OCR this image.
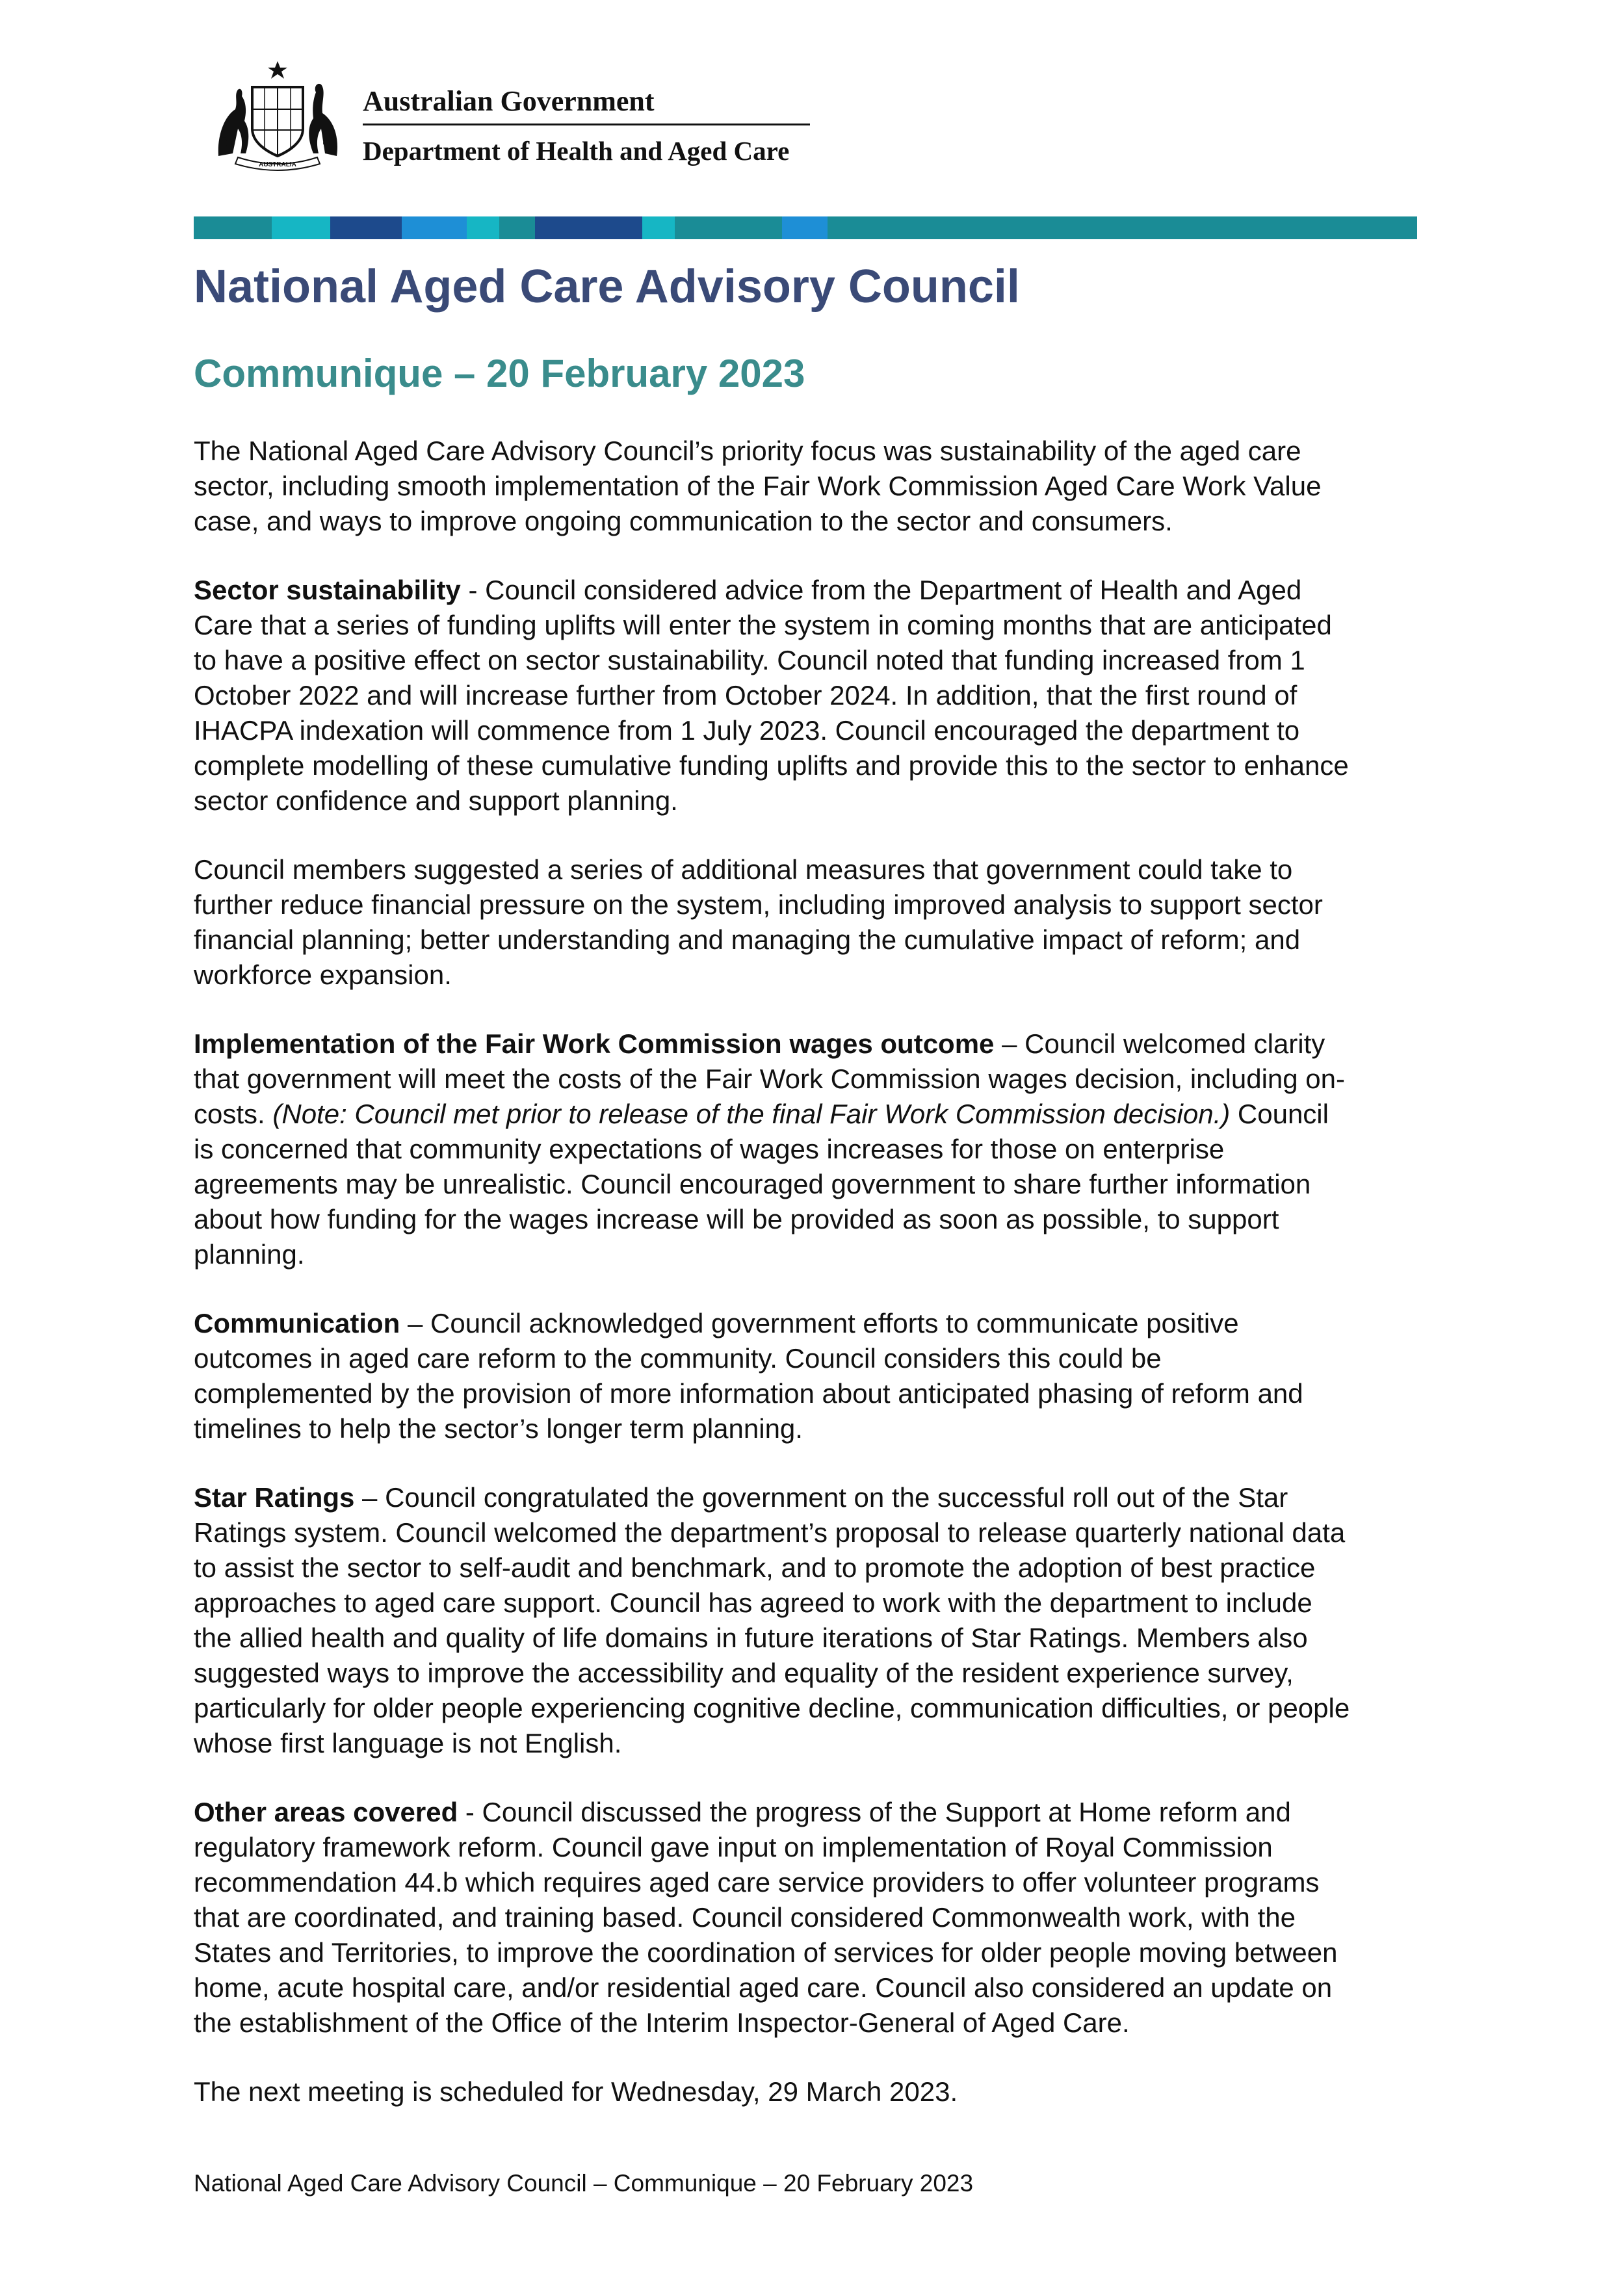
AUSTRALIA
Australian Government
Department of Health and Aged Care
National Aged Care Advisory Council
Communique – 20 February 2023

The National Aged Care Advisory Council’s priority focus was sustainability of the aged care
sector, including smooth implementation of the Fair Work Commission Aged Care Work Value
case, and ways to improve ongoing communication to the sector and consumers.

Sector sustainability - Council considered advice from the Department of Health and Aged
Care that a series of funding uplifts will enter the system in coming months that are anticipated
to have a positive effect on sector sustainability. Council noted that funding increased from 1
October 2022 and will increase further from October 2024. In addition, that the first round of
IHACPA indexation will commence from 1 July 2023. Council encouraged the department to
complete modelling of these cumulative funding uplifts and provide this to the sector to enhance
sector confidence and support planning.

Council members suggested a series of additional measures that government could take to
further reduce financial pressure on the system, including improved analysis to support sector
financial planning; better understanding and managing the cumulative impact of reform; and
workforce expansion.

Implementation of the Fair Work Commission wages outcome – Council welcomed clarity
that government will meet the costs of the Fair Work Commission wages decision, including on-
costs. (Note: Council met prior to release of the final Fair Work Commission decision.) Council
is concerned that community expectations of wages increases for those on enterprise
agreements may be unrealistic. Council encouraged government to share further information
about how funding for the wages increase will be provided as soon as possible, to support
planning.

Communication – Council acknowledged government efforts to communicate positive
outcomes in aged care reform to the community. Council considers this could be
complemented by the provision of more information about anticipated phasing of reform and
timelines to help the sector’s longer term planning.

Star Ratings – Council congratulated the government on the successful roll out of the Star
Ratings system. Council welcomed the department’s proposal to release quarterly national data
to assist the sector to self-audit and benchmark, and to promote the adoption of best practice
approaches to aged care support. Council has agreed to work with the department to include
the allied health and quality of life domains in future iterations of Star Ratings. Members also
suggested ways to improve the accessibility and equality of the resident experience survey,
particularly for older people experiencing cognitive decline, communication difficulties, or people
whose first language is not English.

Other areas covered - Council discussed the progress of the Support at Home reform and
regulatory framework reform. Council gave input on implementation of Royal Commission
recommendation 44.b which requires aged care service providers to offer volunteer programs
that are coordinated, and training based. Council considered Commonwealth work, with the
States and Territories, to improve the coordination of services for older people moving between
home, acute hospital care, and/or residential aged care. Council also considered an update on
the establishment of the Office of the Interim Inspector-General of Aged Care.

The next meeting is scheduled for Wednesday, 29 March 2023.

National Aged Care Advisory Council – Communique – 20 February 2023
